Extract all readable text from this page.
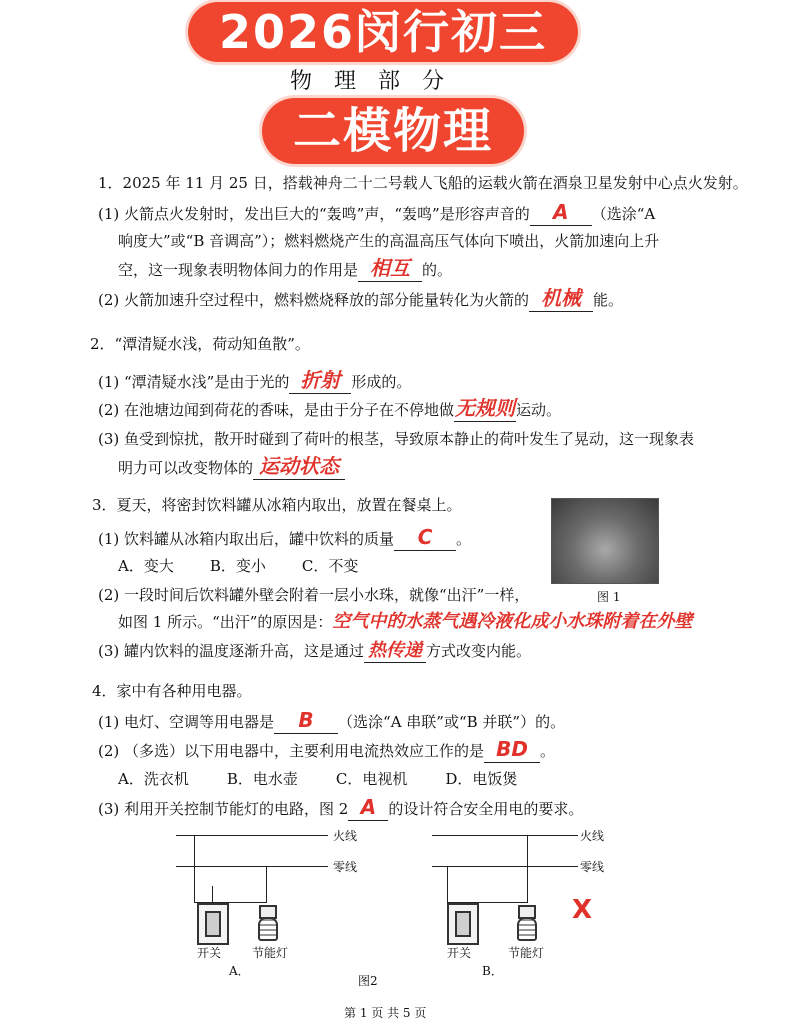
2026闵行初三
物理部分
二模物理
1．2025 年 11 月 25 日，搭载神舟二十二号载人飞船的运载火箭在酒泉卫星发射中心点火发射。
(1) 火箭点火发射时，发出巨大的“轰鸣”声，“轰鸣”是形容声音的 A （选涂“A
响度大”或“B 音调高”）；燃料燃烧产生的高温高压气体向下喷出，火箭加速向上升
空，这一现象表明物体间力的作用是 相互 的。
(2) 火箭加速升空过程中，燃料燃烧释放的部分能量转化为火箭的 机械 能。
2．“潭清疑水浅，荷动知鱼散”。
(1) “潭清疑水浅”是由于光的 折射 形成的。
(2) 在池塘边闻到荷花的香味，是由于分子在不停地做无规则运动。
(3) 鱼受到惊扰，散开时碰到了荷叶的根茎，导致原本静止的荷叶发生了晃动，这一现象表
明力可以改变物体的 运动状态
3．夏天，将密封饮料罐从冰箱内取出，放置在餐桌上。
图 1
(1) 饮料罐从冰箱内取出后，罐中饮料的质量 C 。
A．变大 B．变小 C．不变
(2) 一段时间后饮料罐外壁会附着一层小水珠，就像“出汗”一样，
如图 1 所示。“出汗”的原因是：空气中的水蒸气遇冷液化成小水珠附着在外壁
(3) 罐内饮料的温度逐渐升高，这是通过 热传递 方式改变内能。
4．家中有各种用电器。
(1) 电灯、空调等用电器是 B （选涂“A 串联”或“B 并联”）的。
(2) （多选）以下用电器中，主要利用电流热效应工作的是 BD 。
A．洗衣机	B．电水壶	C．电视机	D．电饭煲
(3) 利用开关控制节能灯的电路，图 2 A 的设计符合安全用电的要求。
开关	节能灯
A．
火线
零线
开关	节能灯
B．
火线
零线
X
图2
第 1 页 共 5 页
